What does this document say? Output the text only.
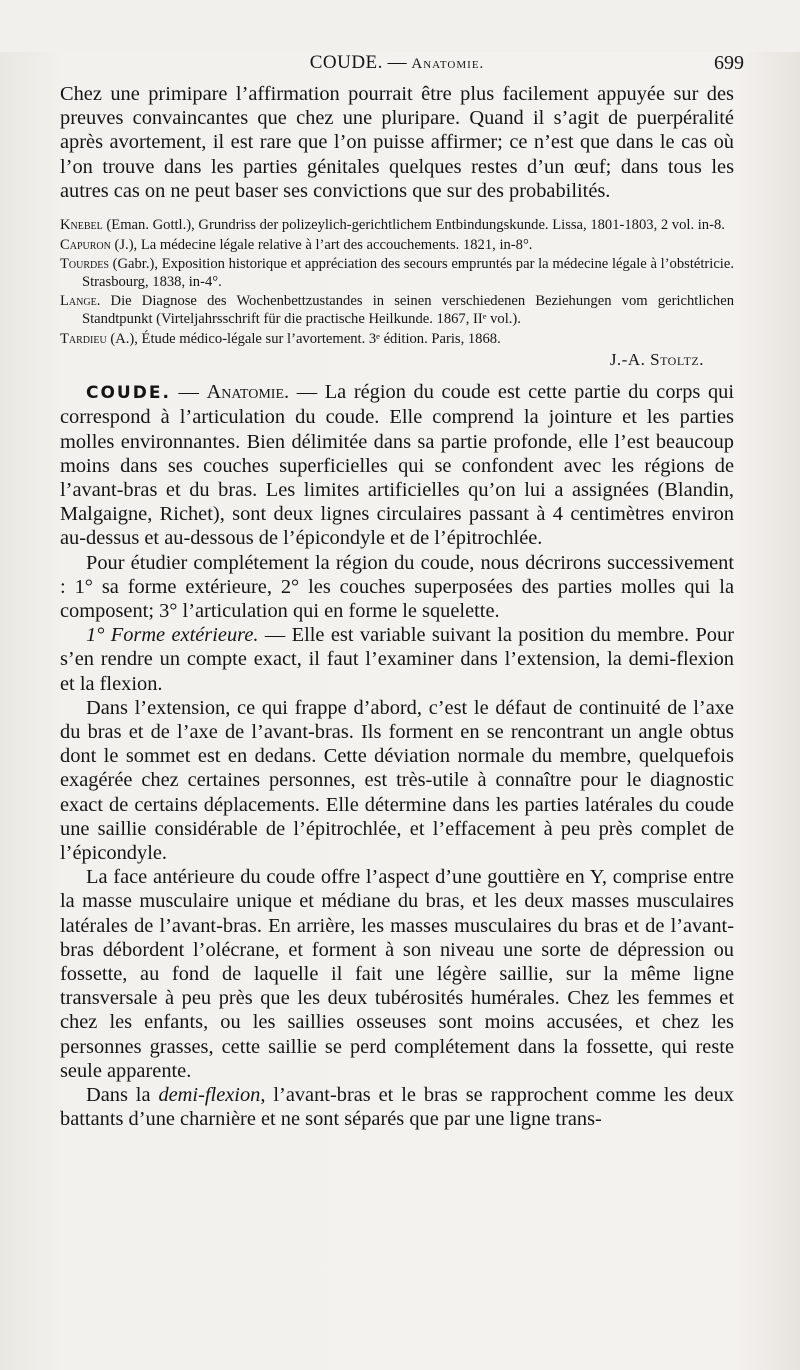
COUDE. — Anatomie.	699

Chez une primipare l’affirmation pourrait être plus facilement appuyée sur des preuves convaincantes que chez une pluripare. Quand il s’agit de puerpéralité après avortement, il est rare que l’on puisse affirmer; ce n’est que dans le cas où l’on trouve dans les parties génitales quelques restes d’un œuf; dans tous les autres cas on ne peut baser ses convictions que sur des probabilités.

Knebel (Eman. Gottl.), Grundriss der polizeylich-gerichtlichem Entbindungskunde. Lissa, 1801-1803, 2 vol. in-8.

Capuron (J.), La médecine légale relative à l’art des accouchements. 1821, in-8°.

Tourdes (Gabr.), Exposition historique et appréciation des secours empruntés par la médecine légale à l’obstétricie. Strasbourg, 1838, in-4°.

Lange. Die Diagnose des Wochenbettzustandes in seinen verschiedenen Beziehungen vom gerichtlichen Standtpunkt (Virteljahrsschrift für die practische Heilkunde. 1867, IIᵉ vol.).

Tardieu (A.), Étude médico-légale sur l’avortement. 3ᵉ édition. Paris, 1868.

J.-A. Stoltz.

COUDE. — Anatomie. — La région du coude est cette partie du corps qui correspond à l’articulation du coude. Elle comprend la jointure et les parties molles environnantes. Bien délimitée dans sa partie profonde, elle l’est beaucoup moins dans ses couches superficielles qui se confondent avec les régions de l’avant-bras et du bras. Les limites artificielles qu’on lui a assignées (Blandin, Malgaigne, Richet), sont deux lignes circulaires passant à 4 centimètres environ au-dessus et au-dessous de l’épicondyle et de l’épitrochlée.

Pour étudier complétement la région du coude, nous décrirons successivement : 1° sa forme extérieure, 2° les couches superposées des parties molles qui la composent; 3° l’articulation qui en forme le squelette.

1° Forme extérieure. — Elle est variable suivant la position du membre. Pour s’en rendre un compte exact, il faut l’examiner dans l’extension, la demi-flexion et la flexion.

Dans l’extension, ce qui frappe d’abord, c’est le défaut de continuité de l’axe du bras et de l’axe de l’avant-bras. Ils forment en se rencontrant un angle obtus dont le sommet est en dedans. Cette déviation normale du membre, quelquefois exagérée chez certaines personnes, est très-utile à connaître pour le diagnostic exact de certains déplacements. Elle détermine dans les parties latérales du coude une saillie considérable de l’épitrochlée, et l’effacement à peu près complet de l’épicondyle.

La face antérieure du coude offre l’aspect d’une gouttière en Y, comprise entre la masse musculaire unique et médiane du bras, et les deux masses musculaires latérales de l’avant-bras. En arrière, les masses musculaires du bras et de l’avant-bras débordent l’olécrane, et forment à son niveau une sorte de dépression ou fossette, au fond de laquelle il fait une légère saillie, sur la même ligne transversale à peu près que les deux tubérosités humérales. Chez les femmes et chez les enfants, ou les saillies osseuses sont moins accusées, et chez les personnes grasses, cette saillie se perd complétement dans la fossette, qui reste seule apparente.

Dans la demi-flexion, l’avant-bras et le bras se rapprochent comme les deux battants d’une charnière et ne sont séparés que par une ligne trans-
